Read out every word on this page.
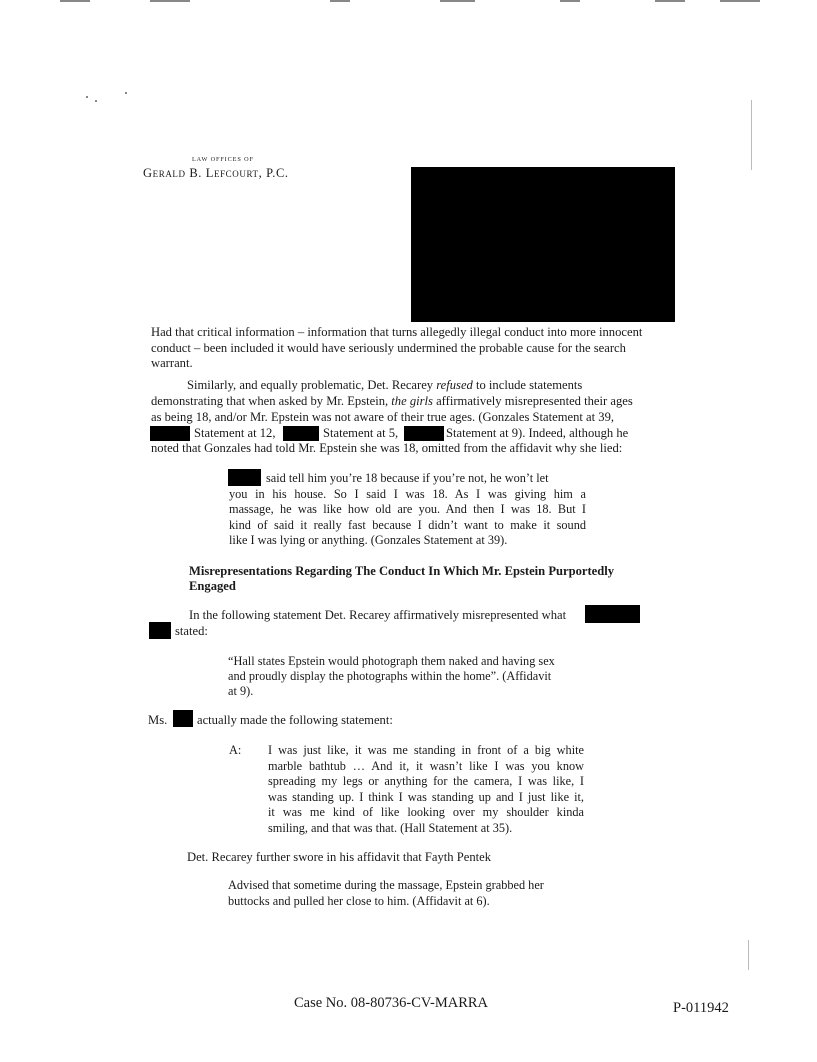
LAW OFFICES OF
Gerald B. Lefcourt, P.C.
Had that critical information – information that turns allegedly illegal conduct into more innocent
conduct – been included it would have seriously undermined the probable cause for the search
warrant.
Similarly, and equally problematic, Det. Recarey refused to include statements
demonstrating that when asked by Mr. Epstein, the girls affirmatively misrepresented their ages
as being 18, and/or Mr. Epstein was not aware of their true ages. (Gonzales Statement at 39,
Statement at 12,	Statement at 5,	Statement at 9). Indeed, although he
noted that Gonzales had told Mr. Epstein she was 18, omitted from the affidavit why she lied:
said tell him you’re 18 because if you’re not, he won’t let
you in his house. So I said I was 18. As I was giving him a
massage, he was like how old are you. And then I was 18. But I
kind of said it really fast because I didn’t want to make it sound
like I was lying or anything. (Gonzales Statement at 39).
Misrepresentations Regarding The Conduct In Which Mr. Epstein Purportedly
Engaged
In the following statement Det. Recarey affirmatively misrepresented what
stated:
“Hall states Epstein would photograph them naked and having sex
and proudly display the photographs within the home”. (Affidavit
at 9).
Ms. actually made the following statement:
A: I was just like, it was me standing in front of a big white
marble bathtub … And it, it wasn’t like I was you know
spreading my legs or anything for the camera, I was like, I
was standing up. I think I was standing up and I just like it,
it was me kind of like looking over my shoulder kinda
smiling, and that was that. (Hall Statement at 35).
Det. Recarey further swore in his affidavit that Fayth Pentek
Advised that sometime during the massage, Epstein grabbed her
buttocks and pulled her close to him. (Affidavit at 6).
Case No. 08-80736-CV-MARRA	P-011942
